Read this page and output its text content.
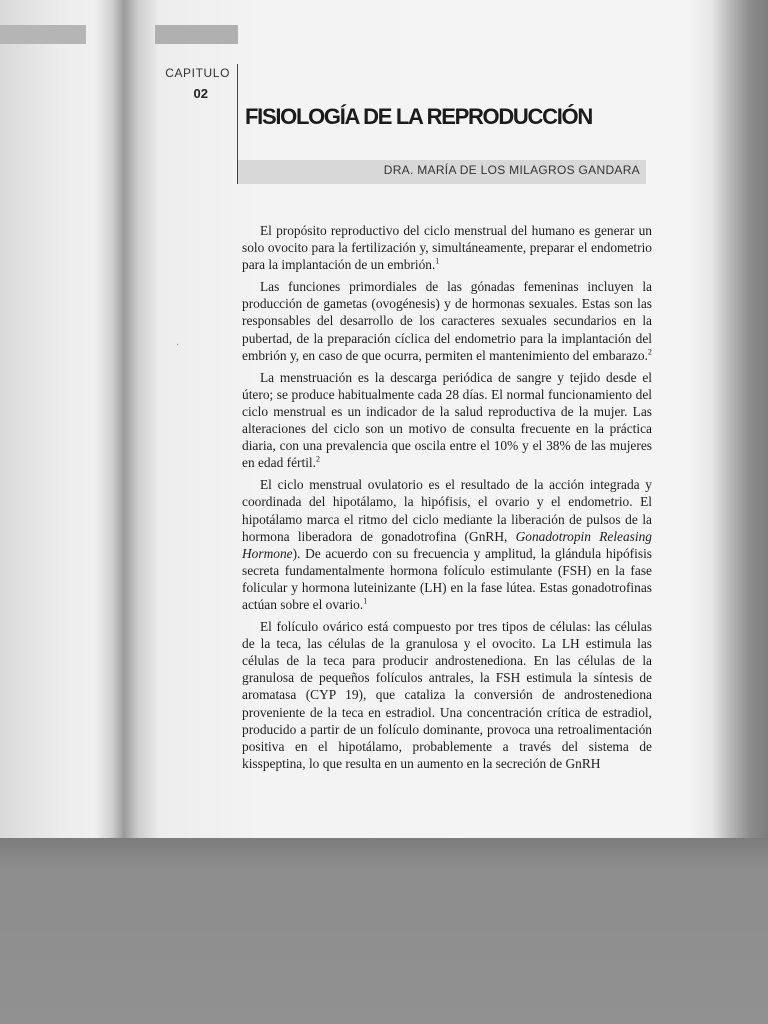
CAPITULO
02
FISIOLOGÍA DE LA REPRODUCCIÓN
DRA. MARÍA DE LOS MILAGROS GANDARA
·

El propósito reproductivo del ciclo menstrual del humano es generar un solo ovocito para la fertilización y, simultáneamente, preparar el endometrio para la implantación de un embrión.$^1$

Las funciones primordiales de las gónadas femeninas incluyen la producción de gametas (ovogénesis) y de hormonas sexuales. Estas son las responsables del desarrollo de los caracteres sexuales secundarios en la pubertad, de la preparación cíclica del endometrio para la implantación del embrión y, en caso de que ocurra, permiten el mantenimiento del embarazo.$^2$

La menstruación es la descarga periódica de sangre y tejido desde el útero; se produce habitualmente cada 28 días. El normal funcionamiento del ciclo menstrual es un indicador de la salud reproductiva de la mujer. Las alteraciones del ciclo son un motivo de consulta frecuente en la práctica diaria, con una prevalencia que oscila entre el 10% y el 38% de las mujeres en edad fértil.$^2$

El ciclo menstrual ovulatorio es el resultado de la acción integrada y coordinada del hipotálamo, la hipófisis, el ovario y el endometrio. El hipotálamo marca el ritmo del ciclo mediante la liberación de pulsos de la hormona liberadora de gonadotrofina (GnRH, Gonadotropin Releasing Hormone). De acuerdo con su frecuencia y amplitud, la glándula hipófisis secreta fundamentalmente hormona folículo estimulante (FSH) en la fase folicular y hormona luteinizante (LH) en la fase lútea. Estas gonadotrofinas actúan sobre el ovario.$^1$

El folículo ovárico está compuesto por tres tipos de células: las células de la teca, las células de la granulosa y el ovocito. La LH estimula las células de la teca para producir androstenediona. En las células de la granulosa de pequeños folículos antrales, la FSH estimula la síntesis de aromatasa (CYP 19), que cataliza la conversión de androstenediona proveniente de la teca en estradiol. Una concentración crítica de estradiol, producido a partir de un folículo dominante, provoca una retroalimentación positiva en el hipotálamo, probablemente a través del sistema de kisspeptina, lo que resulta en un aumento en la secreción de GnRH
